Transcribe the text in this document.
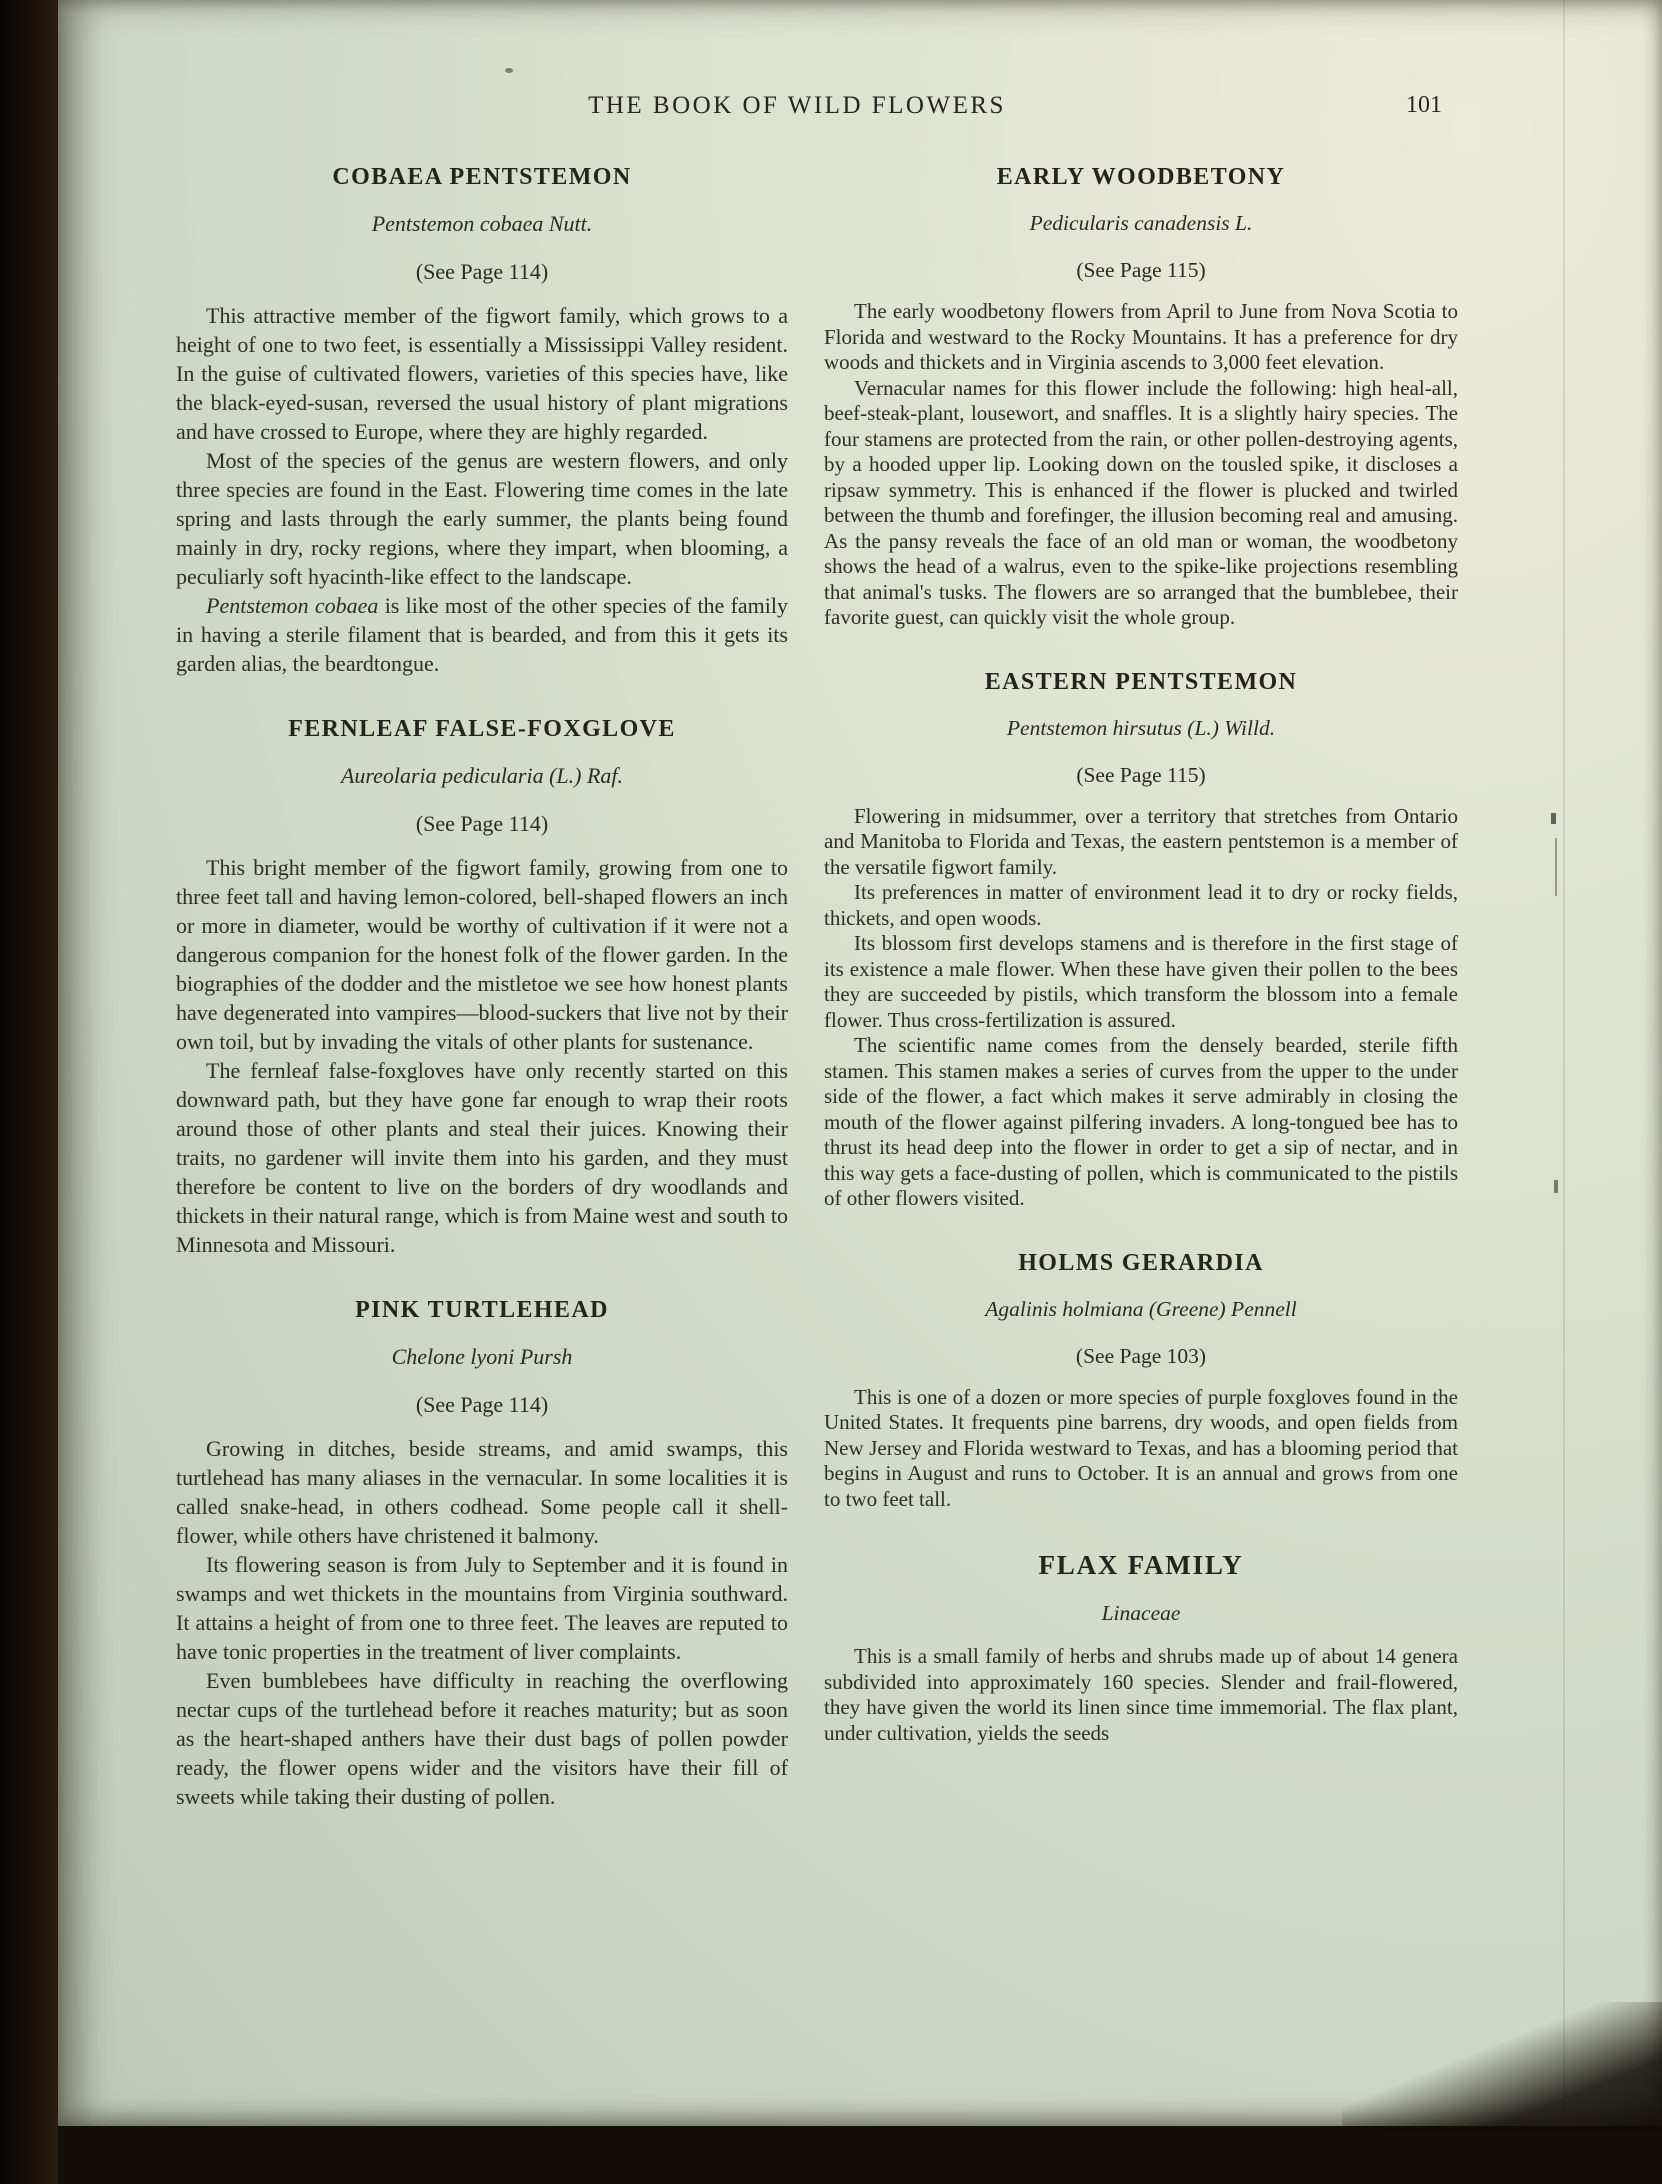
THE BOOK OF WILD FLOWERS	101
COBAEA PENTSTEMON
Pentstemon cobaea Nutt.
(See Page 114)

This attractive member of the figwort family, which grows to a height of one to two feet, is essentially a Mississippi Valley resident. In the guise of cultivated flowers, varieties of this species have, like the black-eyed-susan, reversed the usual history of plant migrations and have crossed to Europe, where they are highly regarded.

Most of the species of the genus are western flowers, and only three species are found in the East. Flowering time comes in the late spring and lasts through the early summer, the plants being found mainly in dry, rocky regions, where they impart, when blooming, a peculiarly soft hyacinth-like effect to the landscape.

Pentstemon cobaea is like most of the other species of the family in having a sterile filament that is bearded, and from this it gets its garden alias, the beardtongue.

FERNLEAF FALSE-FOXGLOVE
Aureolaria pedicularia (L.) Raf.
(See Page 114)

This bright member of the figwort family, growing from one to three feet tall and having lemon-colored, bell-shaped flowers an inch or more in diameter, would be worthy of cultivation if it were not a dangerous companion for the honest folk of the flower garden. In the biographies of the dodder and the mistletoe we see how honest plants have degenerated into vampires—blood-suckers that live not by their own toil, but by invading the vitals of other plants for sustenance.

The fernleaf false-foxgloves have only recently started on this downward path, but they have gone far enough to wrap their roots around those of other plants and steal their juices. Knowing their traits, no gardener will invite them into his garden, and they must therefore be content to live on the borders of dry woodlands and thickets in their natural range, which is from Maine west and south to Minnesota and Missouri.

PINK TURTLEHEAD
Chelone lyoni Pursh
(See Page 114)

Growing in ditches, beside streams, and amid swamps, this turtlehead has many aliases in the vernacular. In some localities it is called snake-head, in others codhead. Some people call it shell-flower, while others have christened it balmony.

Its flowering season is from July to September and it is found in swamps and wet thickets in the mountains from Virginia southward. It attains a height of from one to three feet. The leaves are reputed to have tonic properties in the treatment of liver complaints.

Even bumblebees have difficulty in reaching the overflowing nectar cups of the turtlehead before it reaches maturity; but as soon as the heart-shaped anthers have their dust bags of pollen powder ready, the flower opens wider and the visitors have their fill of sweets while taking their dusting of pollen.

EARLY WOODBETONY
Pedicularis canadensis L.
(See Page 115)

The early woodbetony flowers from April to June from Nova Scotia to Florida and westward to the Rocky Mountains. It has a preference for dry woods and thickets and in Virginia ascends to 3,000 feet elevation.

Vernacular names for this flower include the following: high heal-all, beef-steak-plant, lousewort, and snaffles. It is a slightly hairy species. The four stamens are protected from the rain, or other pollen-destroying agents, by a hooded upper lip. Looking down on the tousled spike, it discloses a ripsaw symmetry. This is enhanced if the flower is plucked and twirled between the thumb and forefinger, the illusion becoming real and amusing. As the pansy reveals the face of an old man or woman, the woodbetony shows the head of a walrus, even to the spike-like projections resembling that animal's tusks. The flowers are so arranged that the bumblebee, their favorite guest, can quickly visit the whole group.

EASTERN PENTSTEMON
Pentstemon hirsutus (L.) Willd.
(See Page 115)

Flowering in midsummer, over a territory that stretches from Ontario and Manitoba to Florida and Texas, the eastern pentstemon is a member of the versatile figwort family.

Its preferences in matter of environment lead it to dry or rocky fields, thickets, and open woods.

Its blossom first develops stamens and is therefore in the first stage of its existence a male flower. When these have given their pollen to the bees they are succeeded by pistils, which transform the blossom into a female flower. Thus cross-fertilization is assured.

The scientific name comes from the densely bearded, sterile fifth stamen. This stamen makes a series of curves from the upper to the under side of the flower, a fact which makes it serve admirably in closing the mouth of the flower against pilfering invaders. A long-tongued bee has to thrust its head deep into the flower in order to get a sip of nectar, and in this way gets a face-dusting of pollen, which is communicated to the pistils of other flowers visited.

HOLMS GERARDIA
Agalinis holmiana (Greene) Pennell
(See Page 103)

This is one of a dozen or more species of purple foxgloves found in the United States. It frequents pine barrens, dry woods, and open fields from New Jersey and Florida westward to Texas, and has a blooming period that begins in August and runs to October. It is an annual and grows from one to two feet tall.

FLAX FAMILY
Linaceae

This is a small family of herbs and shrubs made up of about 14 genera subdivided into approximately 160 species. Slender and frail-flowered, they have given the world its linen since time immemorial. The flax plant, under cultivation, yields the seeds
